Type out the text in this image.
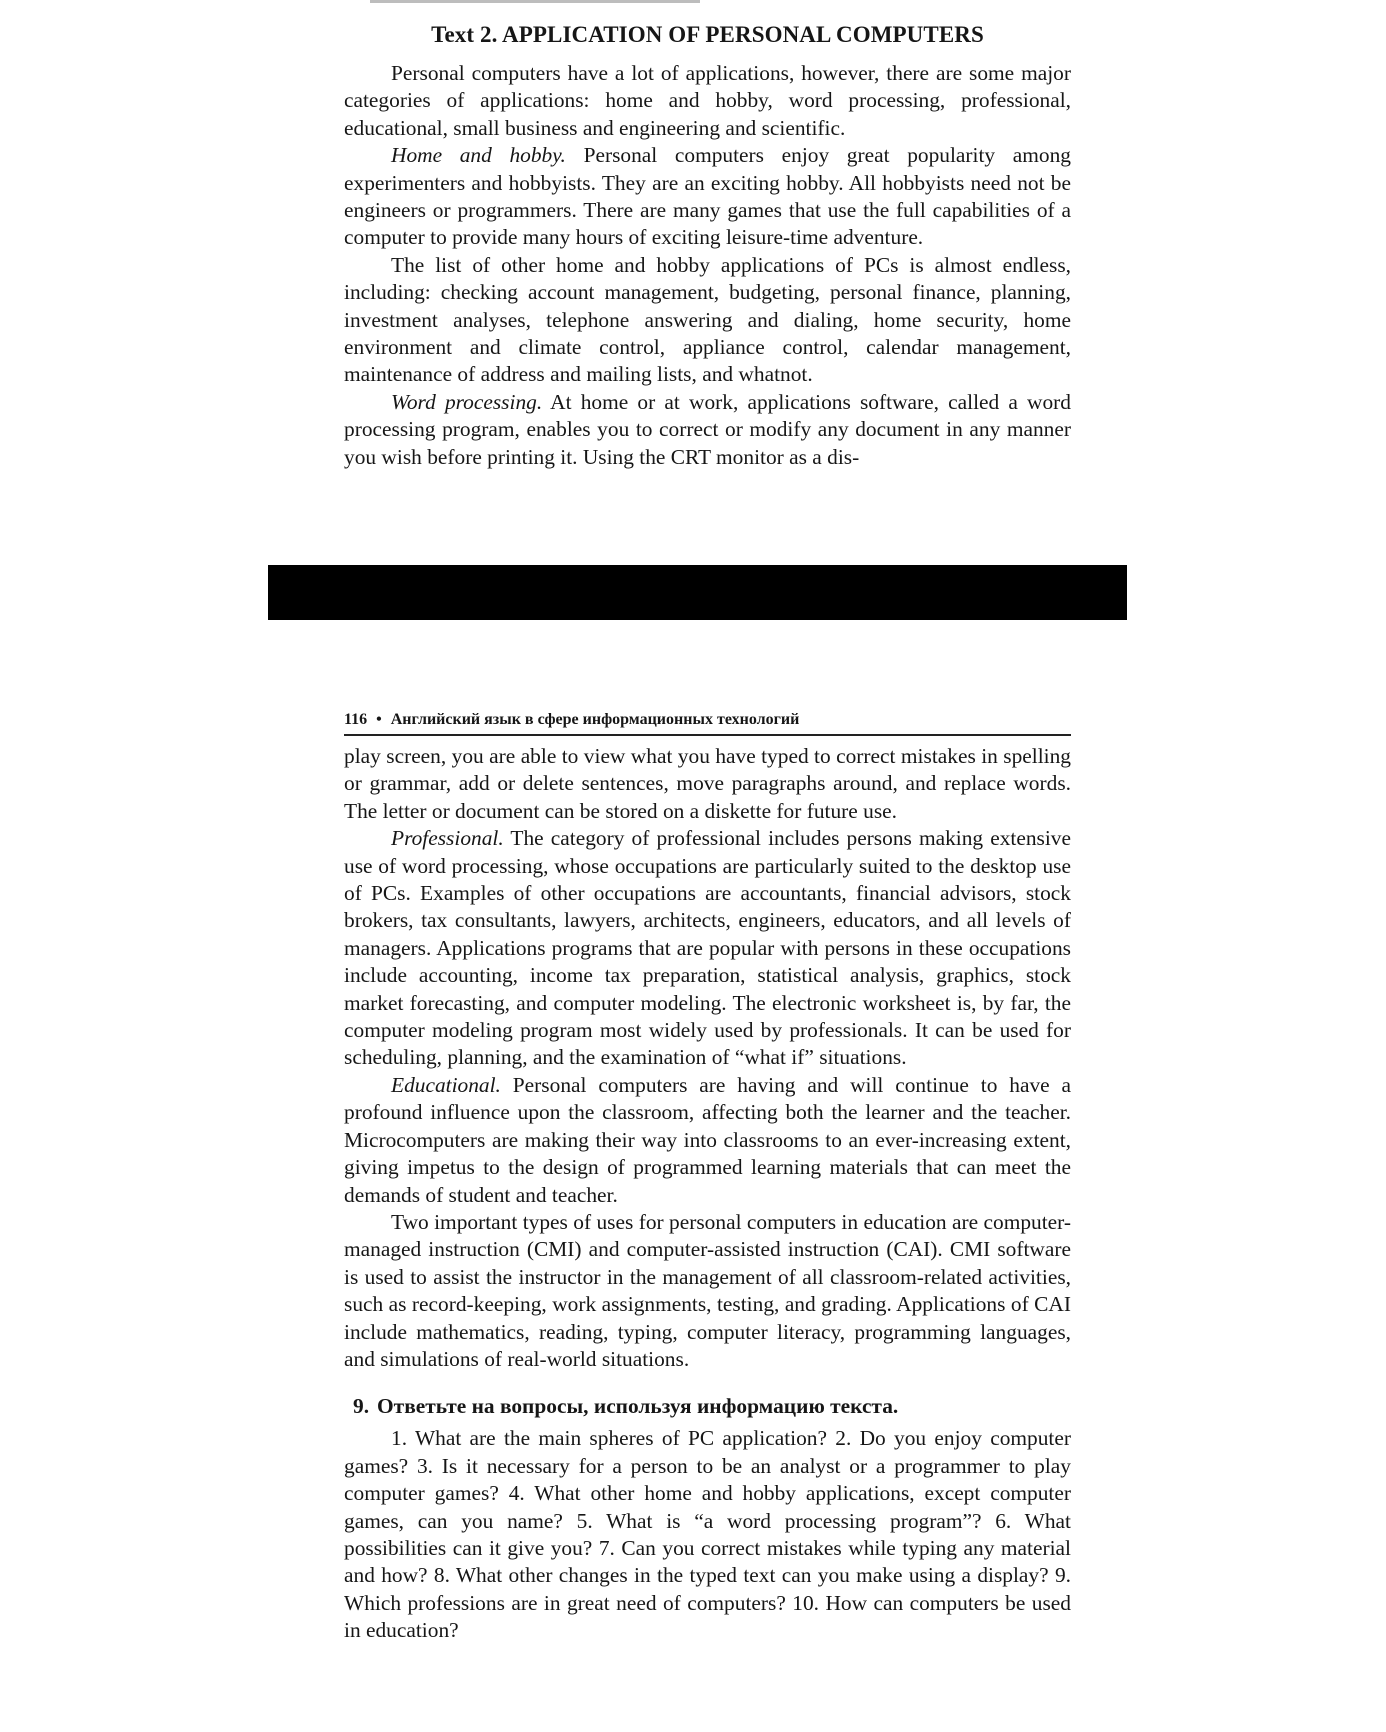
Text 2. APPLICATION OF PERSONAL COMPUTERS

Personal computers have a lot of applications, however, there are some major categories of applications: home and hobby, word processing, professional, educational, small business and engineering and scientific.

Home and hobby. Personal computers enjoy great popularity among experimenters and hobbyists. They are an exciting hobby. All hobbyists need not be engineers or programmers. There are many games that use the full capabilities of a computer to provide many hours of exciting leisure-time adventure.

The list of other home and hobby applications of PCs is almost endless, including: checking account management, budgeting, personal finance, planning, investment analyses, telephone answering and dialing, home security, home environment and climate control, appliance control, calendar management, maintenance of address and mailing lists, and whatnot.

Word processing. At home or at work, applications software, called a word processing program, enables you to correct or modify any document in any manner you wish before printing it. Using the CRT monitor as a dis-

116 • Английский язык в сфере информационных технологий

play screen, you are able to view what you have typed to correct mistakes in spelling or grammar, add or delete sentences, move paragraphs around, and replace words. The letter or document can be stored on a diskette for future use.

Professional. The category of professional includes persons making extensive use of word processing, whose occupations are particularly suited to the desktop use of PCs. Examples of other occupations are accountants, financial advisors, stock brokers, tax consultants, lawyers, architects, engineers, educators, and all levels of managers. Applications programs that are popular with persons in these occupations include accounting, income tax preparation, statistical analysis, graphics, stock market forecasting, and computer modeling. The electronic worksheet is, by far, the computer modeling program most widely used by professionals. It can be used for scheduling, planning, and the examination of “what if” situations.

Educational. Personal computers are having and will continue to have a profound influence upon the classroom, affecting both the learner and the teacher. Microcomputers are making their way into classrooms to an ever-increasing extent, giving impetus to the design of programmed learning materials that can meet the demands of student and teacher.

Two important types of uses for personal computers in education are computer-managed instruction (CMI) and computer-assisted instruction (CAI). CMI software is used to assist the instructor in the management of all classroom-related activities, such as record-keeping, work assignments, testing, and grading. Applications of CAI include mathematics, reading, typing, computer literacy, programming languages, and simulations of real-world situations.

9. Ответьте на вопросы, используя информацию текста.

1. What are the main spheres of PC application? 2. Do you enjoy computer games? 3. Is it necessary for a person to be an analyst or a programmer to play computer games? 4. What other home and hobby applications, except computer games, can you name? 5. What is “a word processing program”? 6. What possibilities can it give you? 7. Can you correct mistakes while typing any material and how? 8. What other changes in the typed text can you make using a display? 9. Which professions are in great need of computers? 10. How can computers be used in education?
